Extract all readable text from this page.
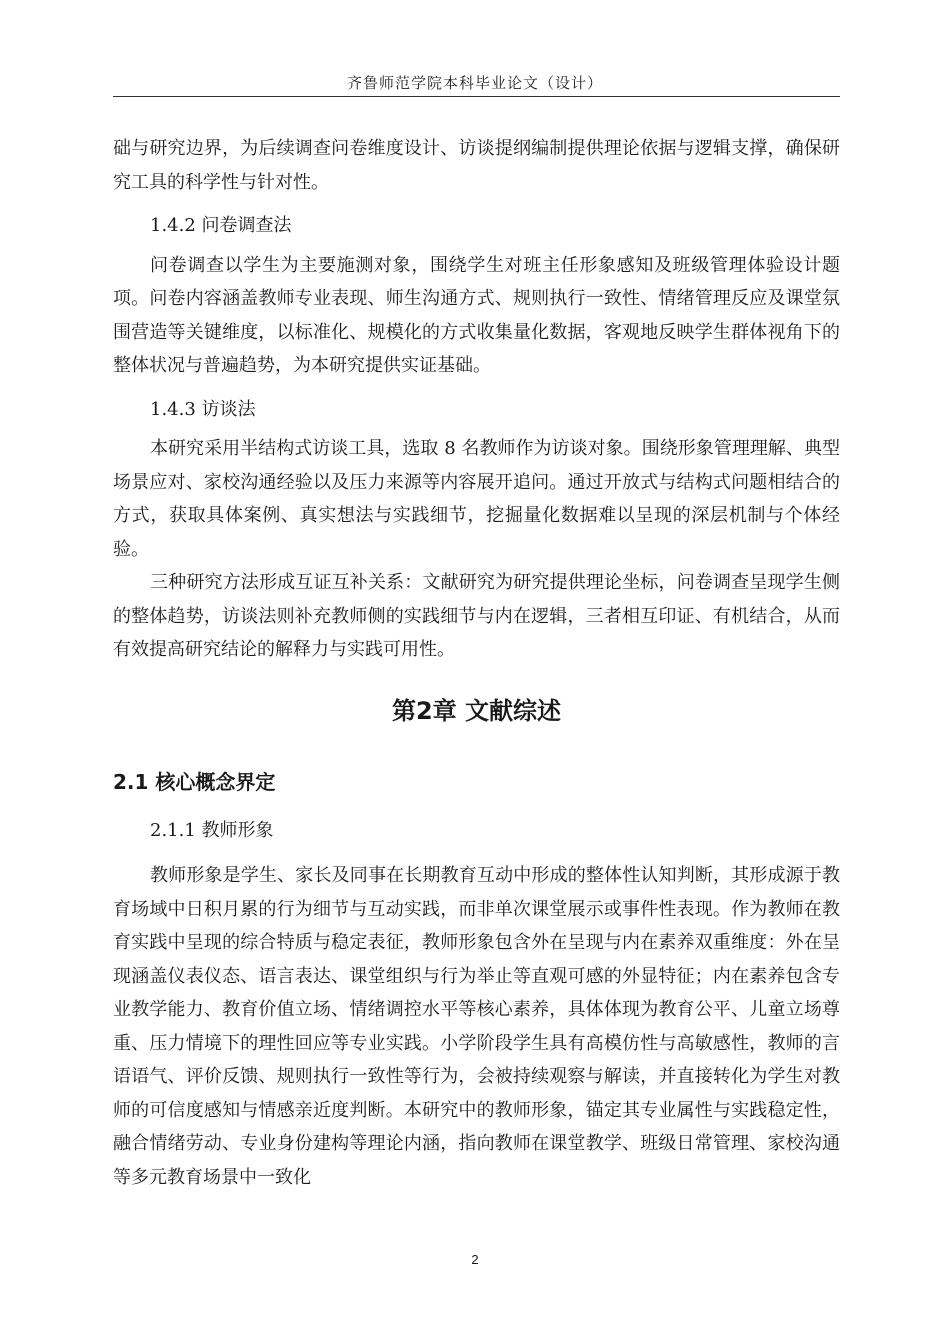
齐鲁师范学院本科毕业论文（设计）

础与研究边界，为后续调查问卷维度设计、访谈提纲编制提供理论依据与逻辑支撑，确保研究工具的科学性与针对性。

1.4.2 问卷调查法

问卷调查以学生为主要施测对象，围绕学生对班主任形象感知及班级管理体验设计题项。问卷内容涵盖教师专业表现、师生沟通方式、规则执行一致性、情绪管理反应及课堂氛围营造等关键维度，以标准化、规模化的方式收集量化数据，客观地反映学生群体视角下的整体状况与普遍趋势，为本研究提供实证基础。

1.4.3 访谈法

本研究采用半结构式访谈工具，选取 8 名教师作为访谈对象。围绕形象管理理解、典型场景应对、家校沟通经验以及压力来源等内容展开追问。通过开放式与结构式问题相结合的方式，获取具体案例、真实想法与实践细节，挖掘量化数据难以呈现的深层机制与个体经验。

三种研究方法形成互证互补关系：文献研究为研究提供理论坐标，问卷调查呈现学生侧的整体趋势，访谈法则补充教师侧的实践细节与内在逻辑，三者相互印证、有机结合，从而有效提高研究结论的解释力与实践可用性。

第2章 文献综述
2.1 核心概念界定
2.1.1 教师形象

教师形象是学生、家长及同事在长期教育互动中形成的整体性认知判断，其形成源于教育场域中日积月累的行为细节与互动实践，而非单次课堂展示或事件性表现。作为教师在教育实践中呈现的综合特质与稳定表征，教师形象包含外在呈现与内在素养双重维度：外在呈现涵盖仪表仪态、语言表达、课堂组织与行为举止等直观可感的外显特征；内在素养包含专业教学能力、教育价值立场、情绪调控水平等核心素养，具体体现为教育公平、儿童立场尊重、压力情境下的理性回应等专业实践。小学阶段学生具有高模仿性与高敏感性，教师的言语语气、评价反馈、规则执行一致性等行为，会被持续观察与解读，并直接转化为学生对教师的可信度感知与情感亲近度判断。本研究中的教师形象，锚定其专业属性与实践稳定性，融合情绪劳动、专业身份建构等理论内涵，指向教师在课堂教学、班级日常管理、家校沟通等多元教育场景中一致化

2
